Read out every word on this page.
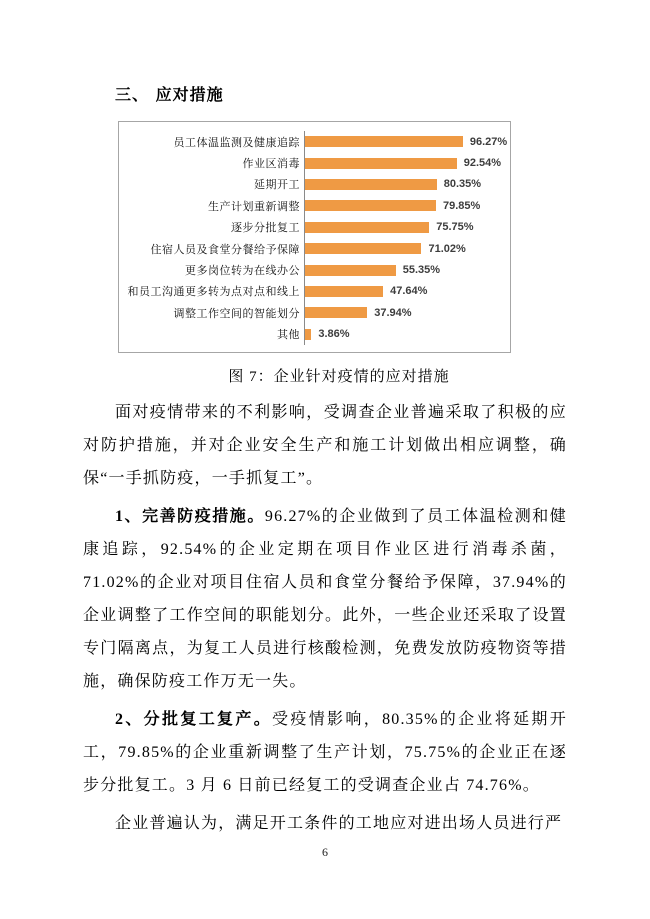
三、 应对措施
员工体温监测及健康追踪	96.27%
作业区消毒	92.54%
延期开工	80.35%
生产计划重新调整	79.85%
逐步分批复工	75.75%
住宿人员及食堂分餐给予保障	71.02%
更多岗位转为在线办公	55.35%
和员工沟通更多转为点对点和线上	47.64%
调整工作空间的智能划分	37.94%
其他 3.86%
图 7：企业针对疫情的应对措施

面对疫情带来的不利影响，受调查企业普遍采取了积极的应对防护措施，并对企业安全生产和施工计划做出相应调整，确保“一手抓防疫，一手抓复工”。

1、完善防疫措施。96.27%的企业做到了员工体温检测和健康追踪，92.54%的企业定期在项目作业区进行消毒杀菌，71.02%的企业对项目住宿人员和食堂分餐给予保障，37.94%的企业调整了工作空间的职能划分。此外，一些企业还采取了设置专门隔离点，为复工人员进行核酸检测，免费发放防疫物资等措施，确保防疫工作万无一失。

2、分批复工复产。受疫情影响，80.35%的企业将延期开工，79.85%的企业重新调整了生产计划，75.75%的企业正在逐步分批复工。3 月 6 日前已经复工的受调查企业占 74.76%。

企业普遍认为，满足开工条件的工地应对进出场人员进行严

6
